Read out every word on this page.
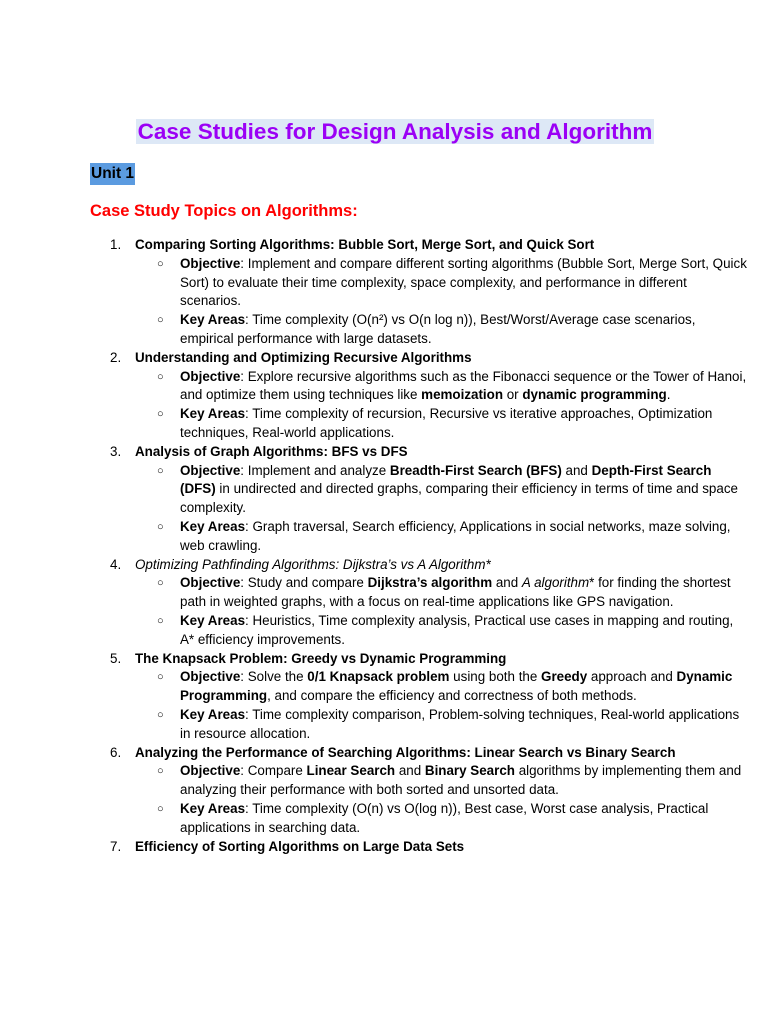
Case Studies for Design Analysis and Algorithm
Unit 1
Case Study Topics on Algorithms:
1. Comparing Sorting Algorithms: Bubble Sort, Merge Sort, and Quick Sort
○ Objective: Implement and compare different sorting algorithms (Bubble Sort, Merge Sort, Quick Sort) to evaluate their time complexity, space complexity, and performance in different scenarios.
○ Key Areas: Time complexity (O(n²) vs O(n log n)), Best/Worst/Average case scenarios, empirical performance with large datasets.
2. Understanding and Optimizing Recursive Algorithms
○ Objective: Explore recursive algorithms such as the Fibonacci sequence or the Tower of Hanoi, and optimize them using techniques like memoization or dynamic programming.
○ Key Areas: Time complexity of recursion, Recursive vs iterative approaches, Optimization techniques, Real-world applications.
3. Analysis of Graph Algorithms: BFS vs DFS
○ Objective: Implement and analyze Breadth-First Search (BFS) and Depth-First Search (DFS) in undirected and directed graphs, comparing their efficiency in terms of time and space complexity.
○ Key Areas: Graph traversal, Search efficiency, Applications in social networks, maze solving, web crawling.
4. Optimizing Pathfinding Algorithms: Dijkstra’s vs A Algorithm*
○ Objective: Study and compare Dijkstra’s algorithm and A algorithm* for finding the shortest path in weighted graphs, with a focus on real-time applications like GPS navigation.
○ Key Areas: Heuristics, Time complexity analysis, Practical use cases in mapping and routing, A* efficiency improvements.
5. The Knapsack Problem: Greedy vs Dynamic Programming
○ Objective: Solve the 0/1 Knapsack problem using both the Greedy approach and Dynamic Programming, and compare the efficiency and correctness of both methods.
○ Key Areas: Time complexity comparison, Problem-solving techniques, Real-world applications in resource allocation.
6. Analyzing the Performance of Searching Algorithms: Linear Search vs Binary Search
○ Objective: Compare Linear Search and Binary Search algorithms by implementing them and analyzing their performance with both sorted and unsorted data.
○ Key Areas: Time complexity (O(n) vs O(log n)), Best case, Worst case analysis, Practical applications in searching data.
7. Efficiency of Sorting Algorithms on Large Data Sets
